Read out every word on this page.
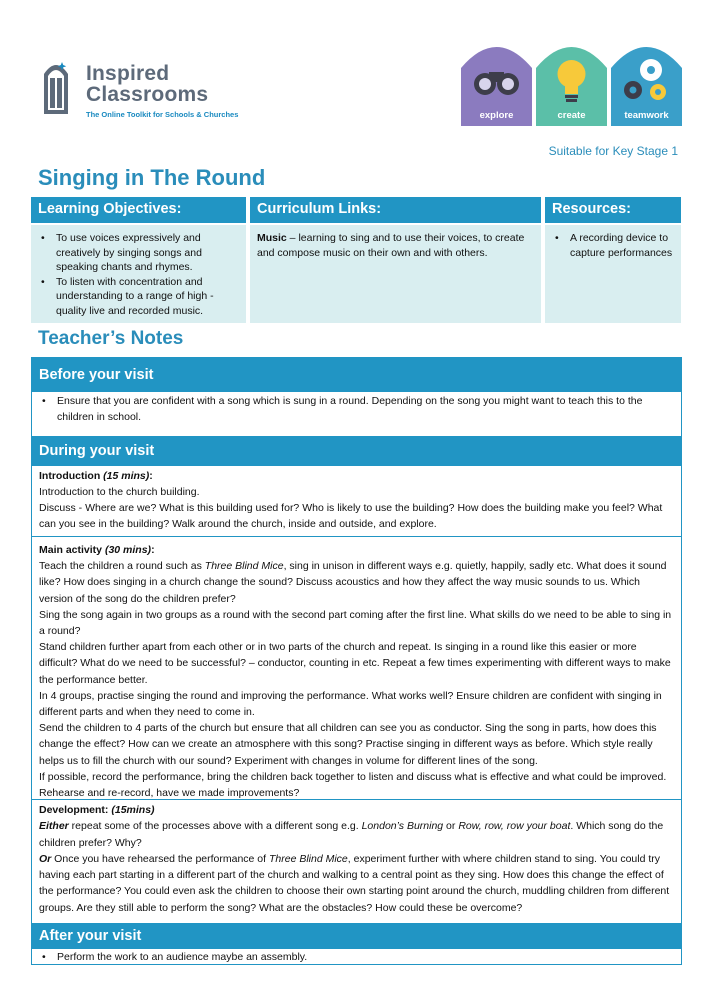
Inspired
Classrooms
The Online Toolkit for Schools & Churches	explore	create	teamwork
Suitable for Key Stage 1
Singing in The Round
Learning Objectives:
• To use voices expressively and creatively by singing songs and speaking chants and rhymes.
• To listen with concentration and understanding to a range of high - quality live and recorded music.
Curriculum Links:
Music – learning to sing and to use their voices, to create and compose music on their own and with others.
Resources:
• A recording device to capture performances
Teacher’s Notes
Before your visit

• Ensure that you are confident with a song which is sung in a round. Depending on the song you might want to teach this to the children in school.

During your visit

Introduction (15 mins):

Introduction to the church building.

Discuss - Where are we? What is this building used for? Who is likely to use the building? How does the building make you feel? What can you see in the building? Walk around the church, inside and outside, and explore.

Main activity (30 mins):

Teach the children a round such as Three Blind Mice, sing in unison in different ways e.g. quietly, happily, sadly etc. What does it sound like? How does singing in a church change the sound? Discuss acoustics and how they affect the way music sounds to us. Which version of the song do the children prefer?

Sing the song again in two groups as a round with the second part coming after the first line. What skills do we need to be able to sing in a round?

Stand children further apart from each other or in two parts of the church and repeat. Is singing in a round like this easier or more difficult? What do we need to be successful? – conductor, counting in etc. Repeat a few times experimenting with different ways to make the performance better.

In 4 groups, practise singing the round and improving the performance. What works well? Ensure children are confident with singing in different parts and when they need to come in.

Send the children to 4 parts of the church but ensure that all children can see you as conductor. Sing the song in parts, how does this change the effect? How can we create an atmosphere with this song? Practise singing in different ways as before. Which style really helps us to fill the church with our sound? Experiment with changes in volume for different lines of the song.

If possible, record the performance, bring the children back together to listen and discuss what is effective and what could be improved. Rehearse and re-record, have we made improvements?

Development: (15mins)

Either repeat some of the processes above with a different song e.g. London’s Burning or Row, row, row your boat. Which song do the children prefer? Why?

Or Once you have rehearsed the performance of Three Blind Mice, experiment further with where children stand to sing. You could try having each part starting in a different part of the church and walking to a central point as they sing. How does this change the effect of the performance? You could even ask the children to choose their own starting point around the church, muddling children from different groups. Are they still able to perform the song? What are the obstacles? How could these be overcome?

After your visit

• Perform the work to an audience maybe an assembly.
